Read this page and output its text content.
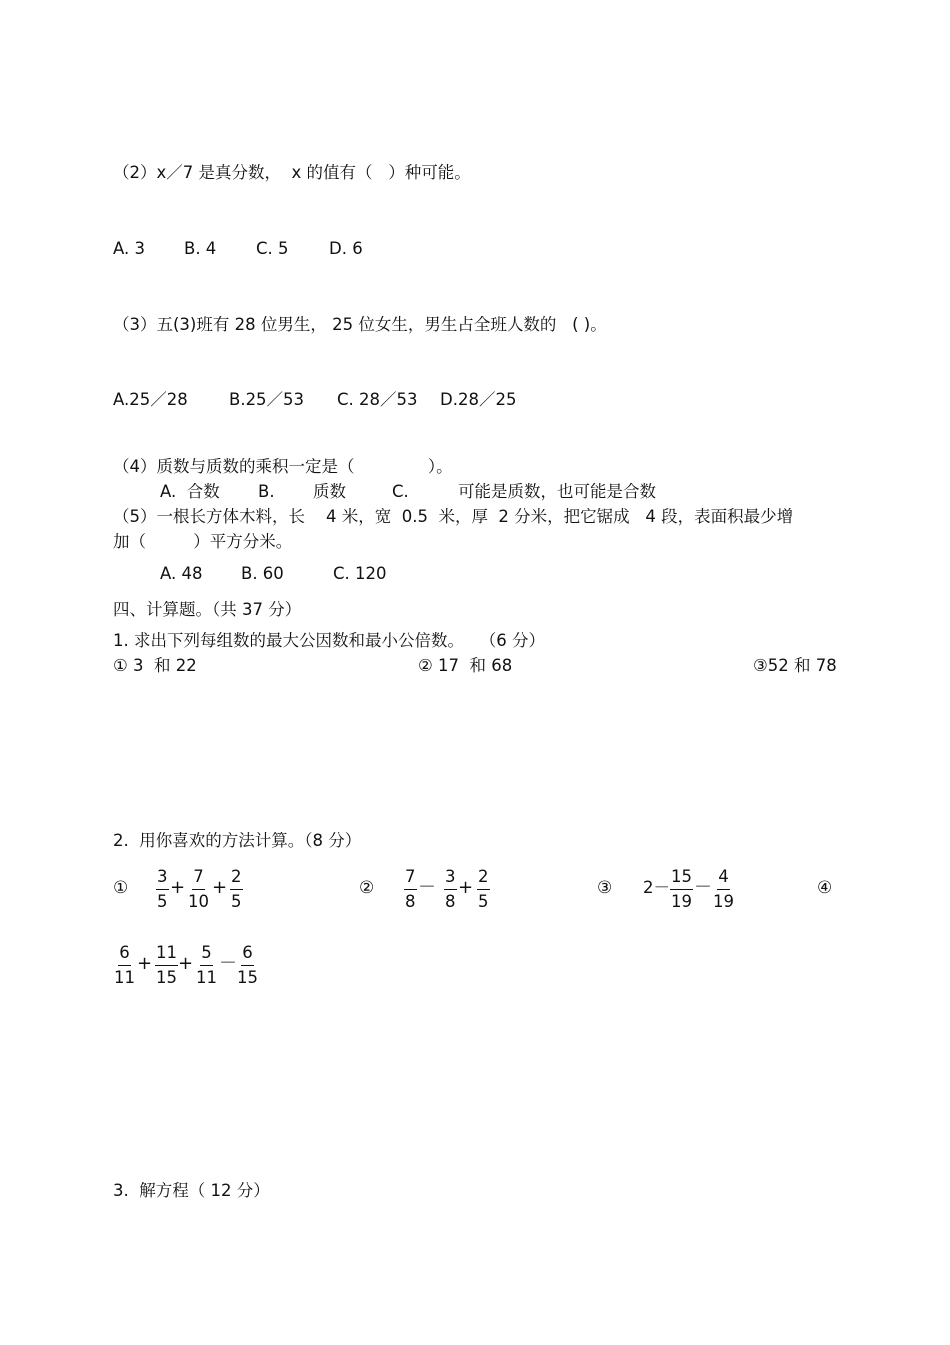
（2）x／7 是真分数，  x 的值有（   ）种可能。
A. 3 B. 4 C. 5 D. 6
（3）五(3)班有 28 位男生， 25 位女生，男生占全班人数的   ( )。
A.25／28	B.25／53 C. 28／53 D.28／25
（4）质数与质数的乘积一定是（              ）。
A.  合数 B. 质数	C.	可能是质数，也可能是合数
（5）一根长方体木料，长    4 米，宽  0.5  米，厚  2 分米，把它锯成   4 段，表面积最少增
加（         ）平方分米。
A. 48 B. 60	C. 120
四、计算题。（共 37 分）
1. 求出下列每组数的最大公因数和最小公倍数。   （6 分）
① 3  和 22	② 17  和 68	③52 和 78
2.  用你喜欢的方法计算。（8 分）
①	②	③	④
$\frac{3}{5} + \frac{7}{10} + \frac{2}{5}$	$\frac{7}{8} - \frac{3}{8} + \frac{2}{5}$	$2- \frac{15}{19} - \frac{4}{19}$
$\frac{6}{11} + \frac{11}{15} + \frac{5}{11} - \frac{6}{15}$
3.  解方程（ 12 分）
